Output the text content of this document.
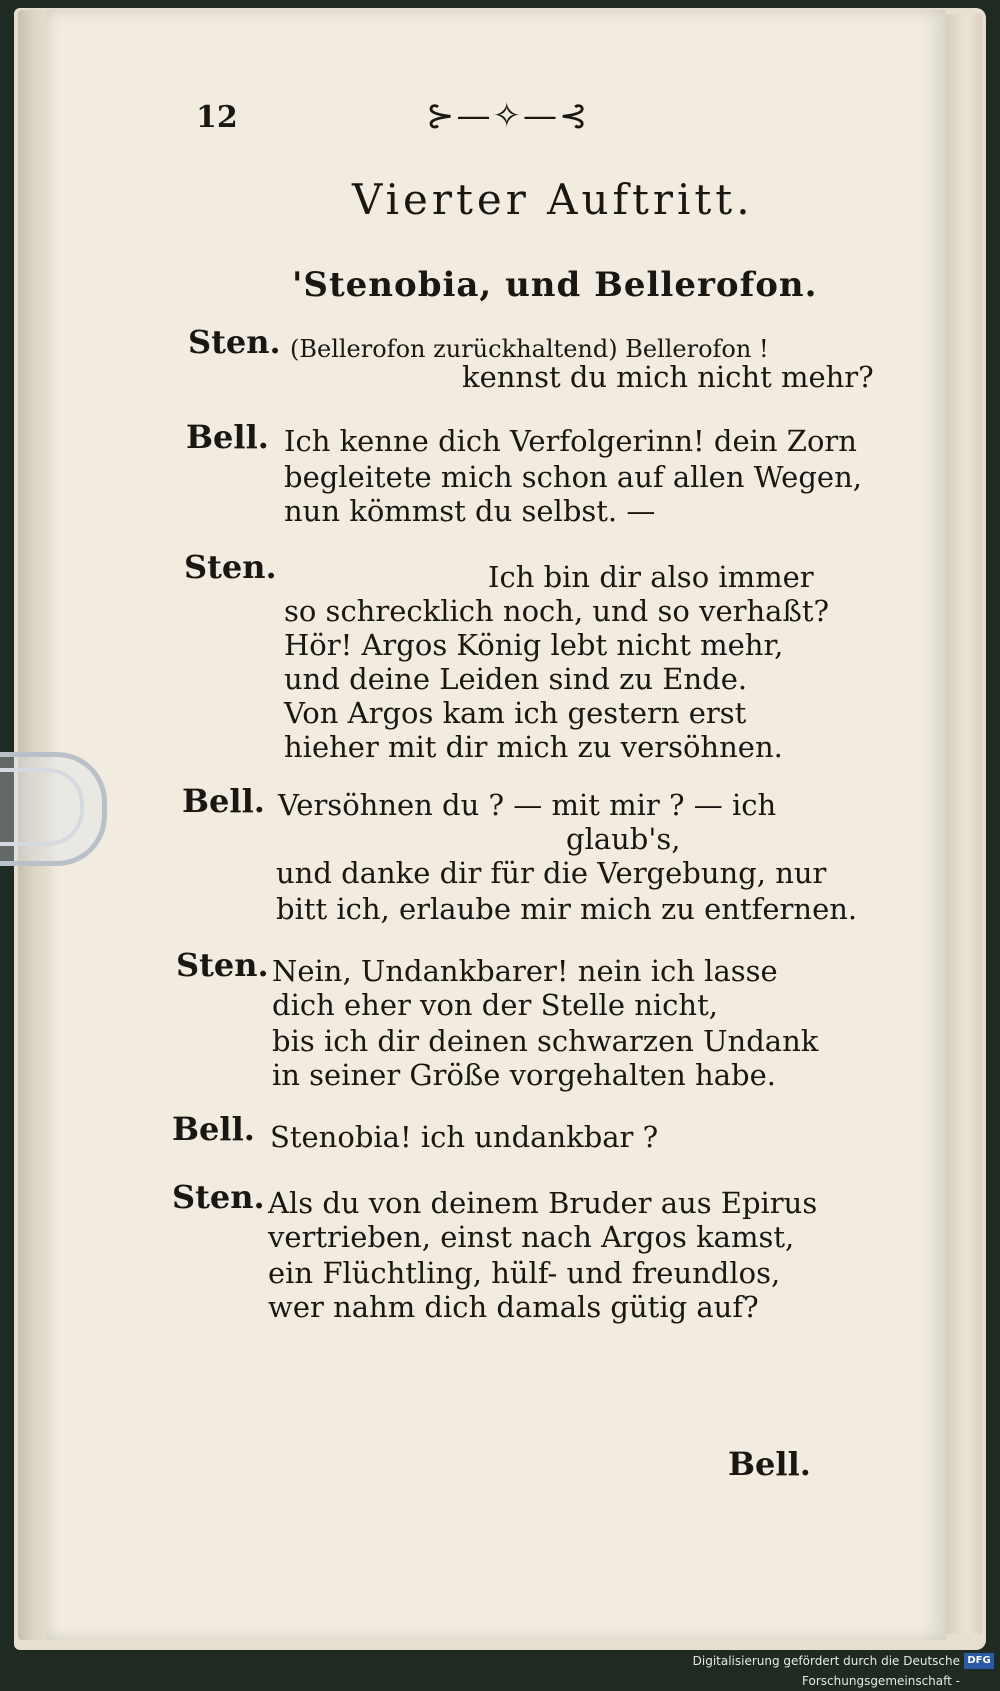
12	⊱—✧—⊰
Vierter Auftritt.
'Stenobia, und Bellerofon.
Sten. (Bellerofon zurückhaltend) Bellerofon !
kennst du mich nicht mehr?
Bell. Ich kenne dich Verfolgerinn! dein Zorn
begleitete mich schon auf allen Wegen,
nun kömmst du selbst. —
Sten.	Ich bin dir also immer
so schrecklich noch, und so verhaßt?
Hör! Argos König lebt nicht mehr,
und deine Leiden sind zu Ende.
Von Argos kam ich gestern erst
hieher mit dir mich zu versöhnen.
Bell. Versöhnen du ? — mit mir ? — ich
glaub's,
und danke dir für die Vergebung, nur
bitt ich, erlaube mir mich zu entfernen.
Sten. Nein, Undankbarer! nein ich lasse
dich eher von der Stelle nicht,
bis ich dir deinen schwarzen Undank
in seiner Größe vorgehalten habe.
Bell. Stenobia! ich undankbar ?
Sten. Als du von deinem Bruder aus Epirus
vertrieben, einst nach Argos kamst,
ein Flüchtling, hülf- und freundlos,
wer nahm dich damals gütig auf?
Bell.
Digitalisierung gefördert durch die Deutsche Forschungsgemeinschaft -
DFG
